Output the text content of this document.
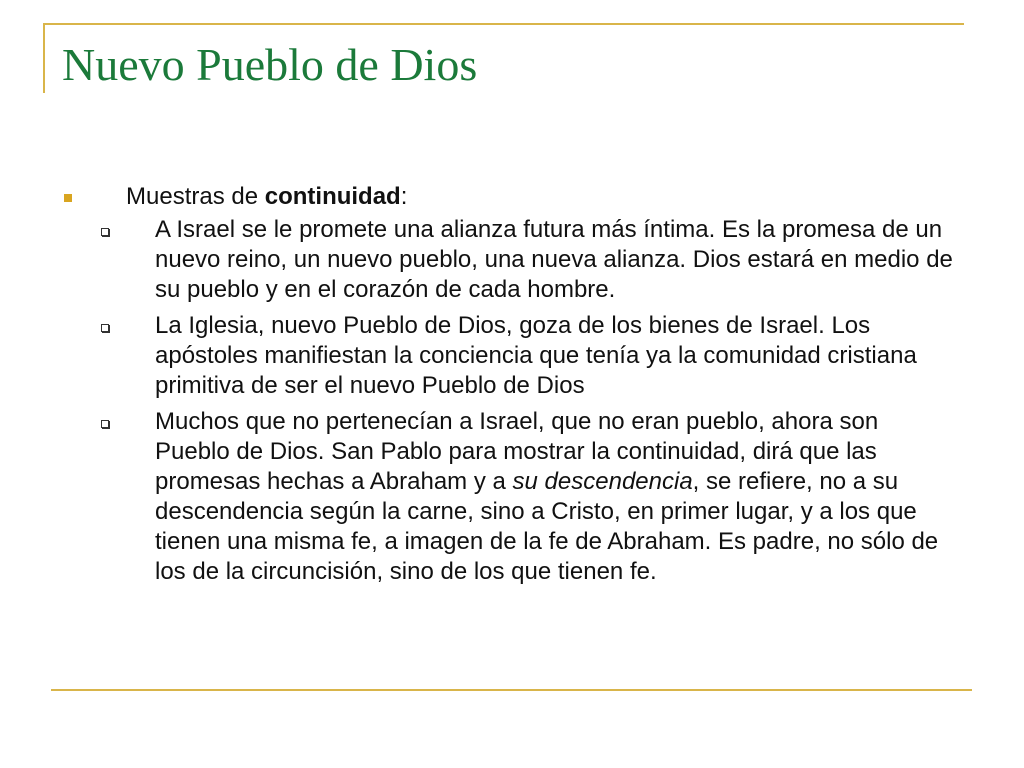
Nuevo Pueblo de Dios
Muestras de continuidad:
A Israel se le promete una alianza futura más íntima. Es la promesa de un nuevo reino, un nuevo pueblo, una nueva alianza. Dios estará en medio de su pueblo y en el corazón de cada hombre.
La Iglesia, nuevo Pueblo de Dios, goza de los bienes de Israel. Los apóstoles manifiestan la conciencia que tenía ya la comunidad cristiana primitiva de ser el nuevo Pueblo de Dios
Muchos que no pertenecían a Israel, que no eran pueblo, ahora son Pueblo de Dios. San Pablo para mostrar la continuidad, dirá que las promesas hechas a Abraham y a su descendencia, se refiere, no a su descendencia según la carne, sino a Cristo, en primer lugar, y a los que tienen una misma fe, a imagen de la fe de Abraham. Es padre, no sólo de los de la circuncisión, sino de los que tienen fe.
